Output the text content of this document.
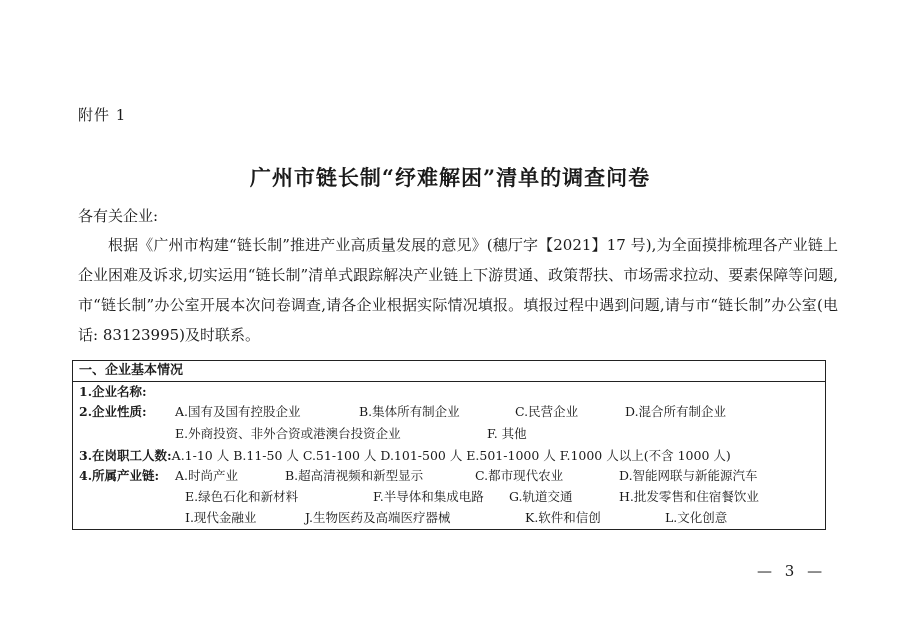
附件 1
广州市链长制“纾难解困”清单的调查问卷
各有关企业:

根据《广州市构建“链长制”推进产业高质量发展的意见》(穗厅字【2021】17 号),为全面摸排梳理各产业链上企业困难及诉求,切实运用“链长制”清单式跟踪解决产业链上下游贯通、政策帮扶、市场需求拉动、要素保障等问题,市“链长制”办公室开展本次问卷调查,请各企业根据实际情况填报。填报过程中遇到问题,请与市“链长制”办公室(电话: 83123995)及时联系。

一、企业基本情况
1.企业名称:
2.企业性质: A.国有及国有控股企业	B.集体所有制企业	C.民营企业	D.混合所有制企业
E.外商投资、非外合资或港澳台投资企业	F. 其他
3.在岗职工人数:A.1-10 人 B.11-50 人 C.51-100 人 D.101-500 人 E.501-1000 人 F.1000 人以上(不含 1000 人)
4.所属产业链: A.时尚产业	B.超高清视频和新型显示	C.都市现代农业	D.智能网联与新能源汽车
E.绿色石化和新材料	F.半导体和集成电路 G.轨道交通	H.批发零售和住宿餐饮业
I.现代金融业	J.生物医药及高端医疗器械	K.软件和信创	L.文化创意
— 3 —
